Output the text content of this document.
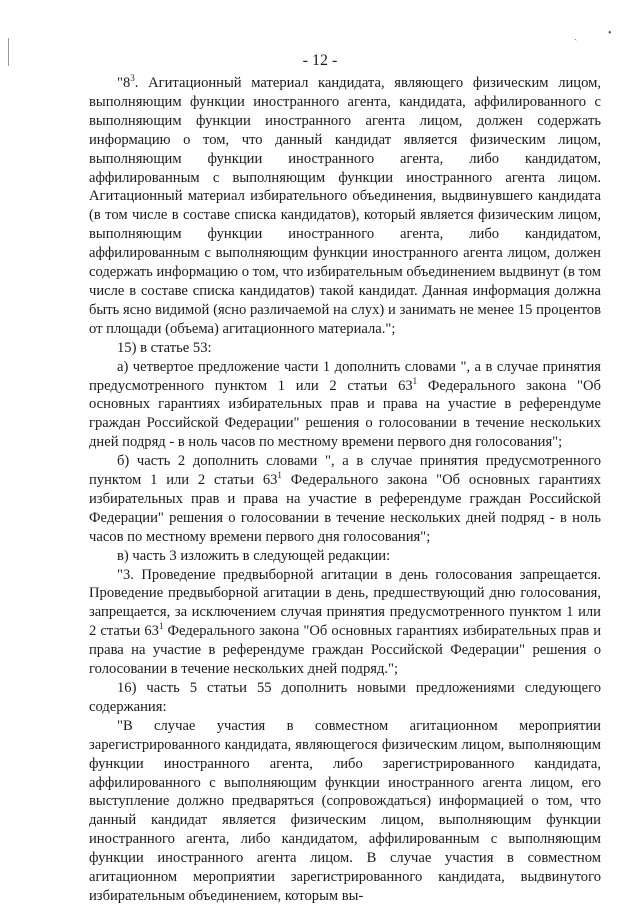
ˎ	•
- 12 -

"$8^3$. Агитационный материал кандидата, являющего физическим лицом, выполняющим функции иностранного агента, кандидата, аффилированного с выполняющим функции иностранного агента лицом, должен содержать информацию о том, что данный кандидат является физическим лицом, выполняющим функции иностранного агента, либо кандидатом, аффилированным с выполняющим функции иностранного агента лицом. Агитационный материал избирательного объединения, выдвинувшего кандидата (в том числе в составе списка кандидатов), который является физическим лицом, выполняющим функции иностранного агента, либо кандидатом, аффилированным с выполняющим функции иностранного агента лицом, должен содержать информацию о том, что избирательным объединением выдвинут (в том числе в составе списка кандидатов) такой кандидат. Данная информация должна быть ясно видимой (ясно различаемой на слух) и занимать не менее 15 процентов от площади (объема) агитационного материала.";

15) в статье 53:

а) четвертое предложение части 1 дополнить словами ", а в случае принятия предусмотренного пунктом 1 или 2 статьи $63^1$ Федерального закона "Об основных гарантиях избирательных прав и права на участие в референдуме граждан Российской Федерации" решения о голосовании в течение нескольких дней подряд - в ноль часов по местному времени первого дня голосования";

б) часть 2 дополнить словами ", а в случае принятия предусмотренного пунктом 1 или 2 статьи $63^1$ Федерального закона "Об основных гарантиях избирательных прав и права на участие в референдуме граждан Российской Федерации" решения о голосовании в течение нескольких дней подряд - в ноль часов по местному времени первого дня голосования";

в) часть 3 изложить в следующей редакции:

"3. Проведение предвыборной агитации в день голосования запрещается. Проведение предвыборной агитации в день, предшествующий дню голосования, запрещается, за исключением случая принятия предусмотренного пунктом 1 или 2 статьи $63^1$ Федерального закона "Об основных гарантиях избирательных прав и права на участие в референдуме граждан Российской Федерации" решения о голосовании в течение нескольких дней подряд.";

16) часть 5 статьи 55 дополнить новыми предложениями следующего содержания:

"В случае участия в совместном агитационном мероприятии зарегистрированного кандидата, являющегося физическим лицом, выполняющим функции иностранного агента, либо зарегистрированного кандидата, аффилированного с выполняющим функции иностранного агента лицом, его выступление должно предваряться (сопровождаться) информацией о том, что данный кандидат является физическим лицом, выполняющим функции иностранного агента, либо кандидатом, аффилированным с выполняющим функции иностранного агента лицом. В случае участия в совместном агитационном мероприятии зарегистрированного кандидата, выдвинутого избирательным объединением, которым вы-
